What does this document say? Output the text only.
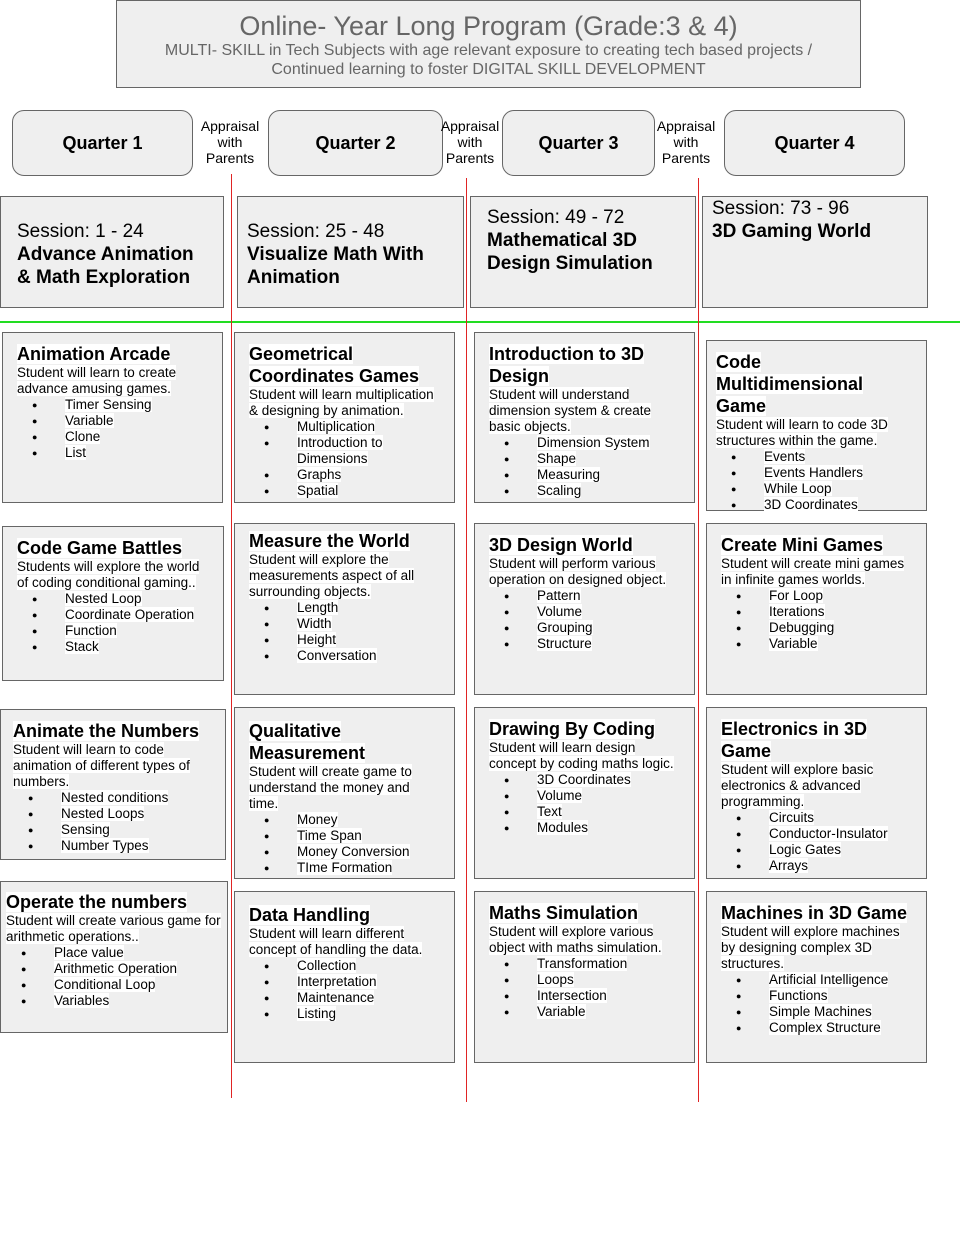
Online- Year Long Program (Grade:3 & 4)
MULTI- SKILL in Tech Subjects with age relevant exposure to creating tech based projects /
Continued learning to foster DIGITAL SKILL DEVELOPMENT
Quarter 1	Quarter 2	Quarter 3	Quarter 4
Appraisal
with
Parents
Appraisal
with
Parents
Appraisal
with
Parents
Session: 1 - 24
Advance Animation
& Math Exploration
Session: 25 - 48
Visualize Math With
Animation
Session: 49 - 72
Mathematical 3D
Design Simulation
Session: 73 - 96
3D Gaming World
Animation Arcade
Student will learn to create advance amusing games.
● Timer Sensing
● Variable
● Clone
● List
Code Game Battles
Students will explore the world of coding conditional gaming..
● Nested Loop
● Coordinate Operation
● Function
● Stack
Animate the Numbers
Student will learn to code animation of different types of numbers.
● Nested conditions
● Nested Loops
● Sensing
● Number Types
Operate the numbers
Student will create various game for arithmetic operations..
● Place value
● Arithmetic Operation
● Conditional Loop
● Variables
Geometrical Coordinates Games
Student will learn multiplication & designing by animation.
● Multiplication
● Introduction to Dimensions
● Graphs
● Spatial
Measure the World
Student will explore the measurements aspect of all surrounding objects.
● Length
● Width
● Height
● Conversation
Qualitative Measurement
Student will create game to understand the money and time.
● Money
● Time Span
● Money Conversion
● TIme Formation
Data Handling
Student will learn different concept of handling the data.
● Collection
● Interpretation
● Maintenance
● Listing
Introduction to 3D Design
Student will understand dimension system & create basic objects.
● Dimension System
● Shape
● Measuring
● Scaling
3D Design World
Student will perform various operation on designed object.
● Pattern
● Volume
● Grouping
● Structure
Drawing By Coding
Student will learn design concept by coding maths logic.
● 3D Coordinates
● Volume
● Text
● Modules
Maths Simulation
Student will explore various object with maths simulation.
● Transformation
● Loops
● Intersection
● Variable
Code Multidimensional Game
Student will learn to code 3D structures within the game.
● Events
● Events Handlers
● While Loop
● 3D Coordinates
Create Mini Games
Student will create mini games in infinite games worlds.
● For Loop
● Iterations
● Debugging
● Variable
Electronics in 3D Game
Student will explore basic electronics & advanced programming.
● Circuits
● Conductor-Insulator
● Logic Gates
● Arrays
Machines in 3D Game
Student will explore machines by designing complex 3D structures.
● Artificial Intelligence
● Functions
● Simple Machines
● Complex Structure
